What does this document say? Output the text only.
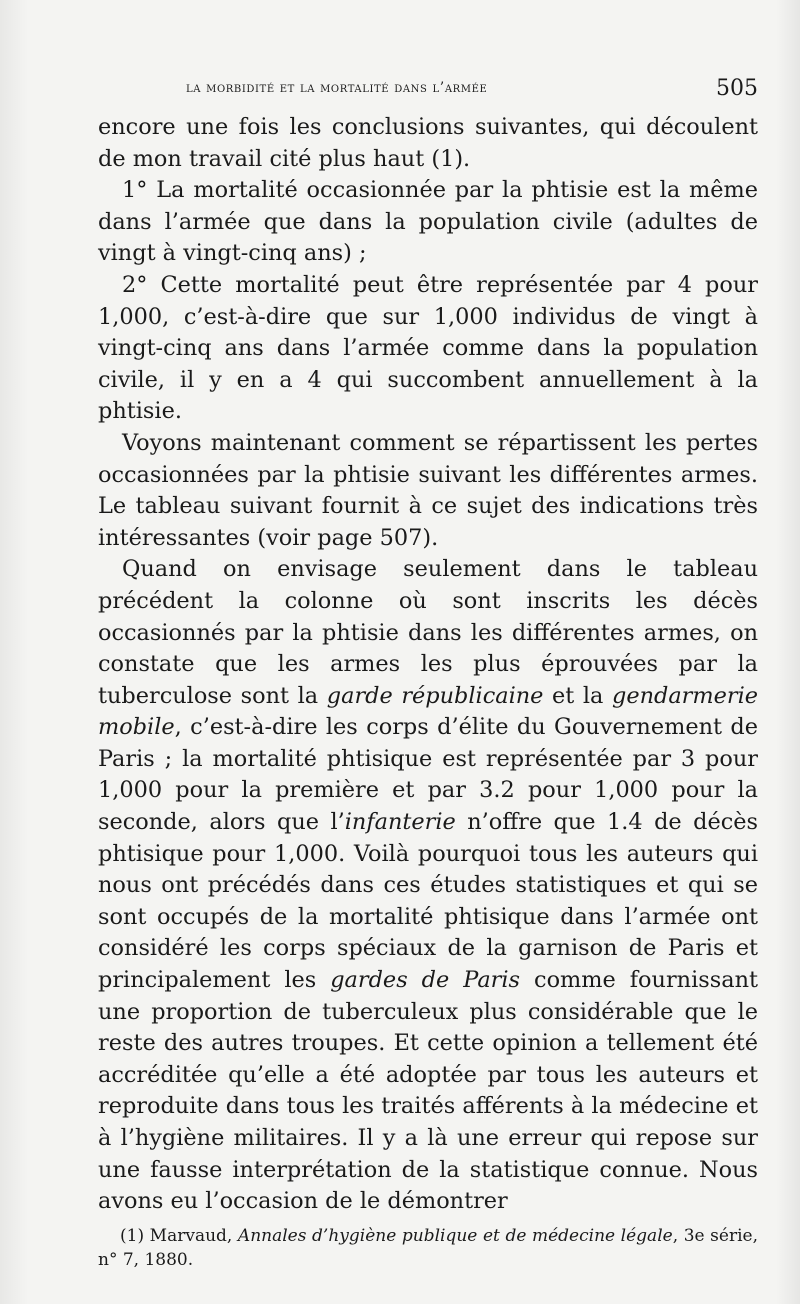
la morbidité et la mortalité dans l’armée	505

encore une fois les conclusions suivantes, qui découlent de mon travail cité plus haut (1).

1° La mortalité occasionnée par la phtisie est la même dans l’armée que dans la population civile (adultes de vingt à vingt-cinq ans) ;

2° Cette mortalité peut être représentée par 4 pour 1,000, c’est-à-dire que sur 1,000 individus de vingt à vingt-cinq ans dans l’armée comme dans la population civile, il y en a 4 qui succombent annuellement à la phtisie.

Voyons maintenant comment se répartissent les pertes occasionnées par la phtisie suivant les différentes armes. Le tableau suivant fournit à ce sujet des indications très intéressantes (voir page 507).

Quand on envisage seulement dans le tableau précédent la colonne où sont inscrits les décès occasionnés par la phtisie dans les différentes armes, on constate que les armes les plus éprouvées par la tuberculose sont la garde républicaine et la gendarmerie mobile, c’est-à-dire les corps d’élite du Gouvernement de Paris ; la mortalité phtisique est représentée par 3 pour 1,000 pour la première et par 3.2 pour 1,000 pour la seconde, alors que l’infanterie n’offre que 1.4 de décès phtisique pour 1,000. Voilà pourquoi tous les auteurs qui nous ont précédés dans ces études statistiques et qui se sont occupés de la mortalité phtisique dans l’armée ont considéré les corps spéciaux de la garnison de Paris et principalement les gardes de Paris comme fournissant une proportion de tuberculeux plus considérable que le reste des autres troupes. Et cette opinion a tellement été accréditée qu’elle a été adoptée par tous les auteurs et reproduite dans tous les traités afférents à la médecine et à l’hygiène militaires. Il y a là une erreur qui repose sur une fausse interprétation de la statistique connue. Nous avons eu l’occasion de le démontrer

(1) Marvaud, Annales d’hygiène publique et de médecine légale, 3e série, n° 7, 1880.
